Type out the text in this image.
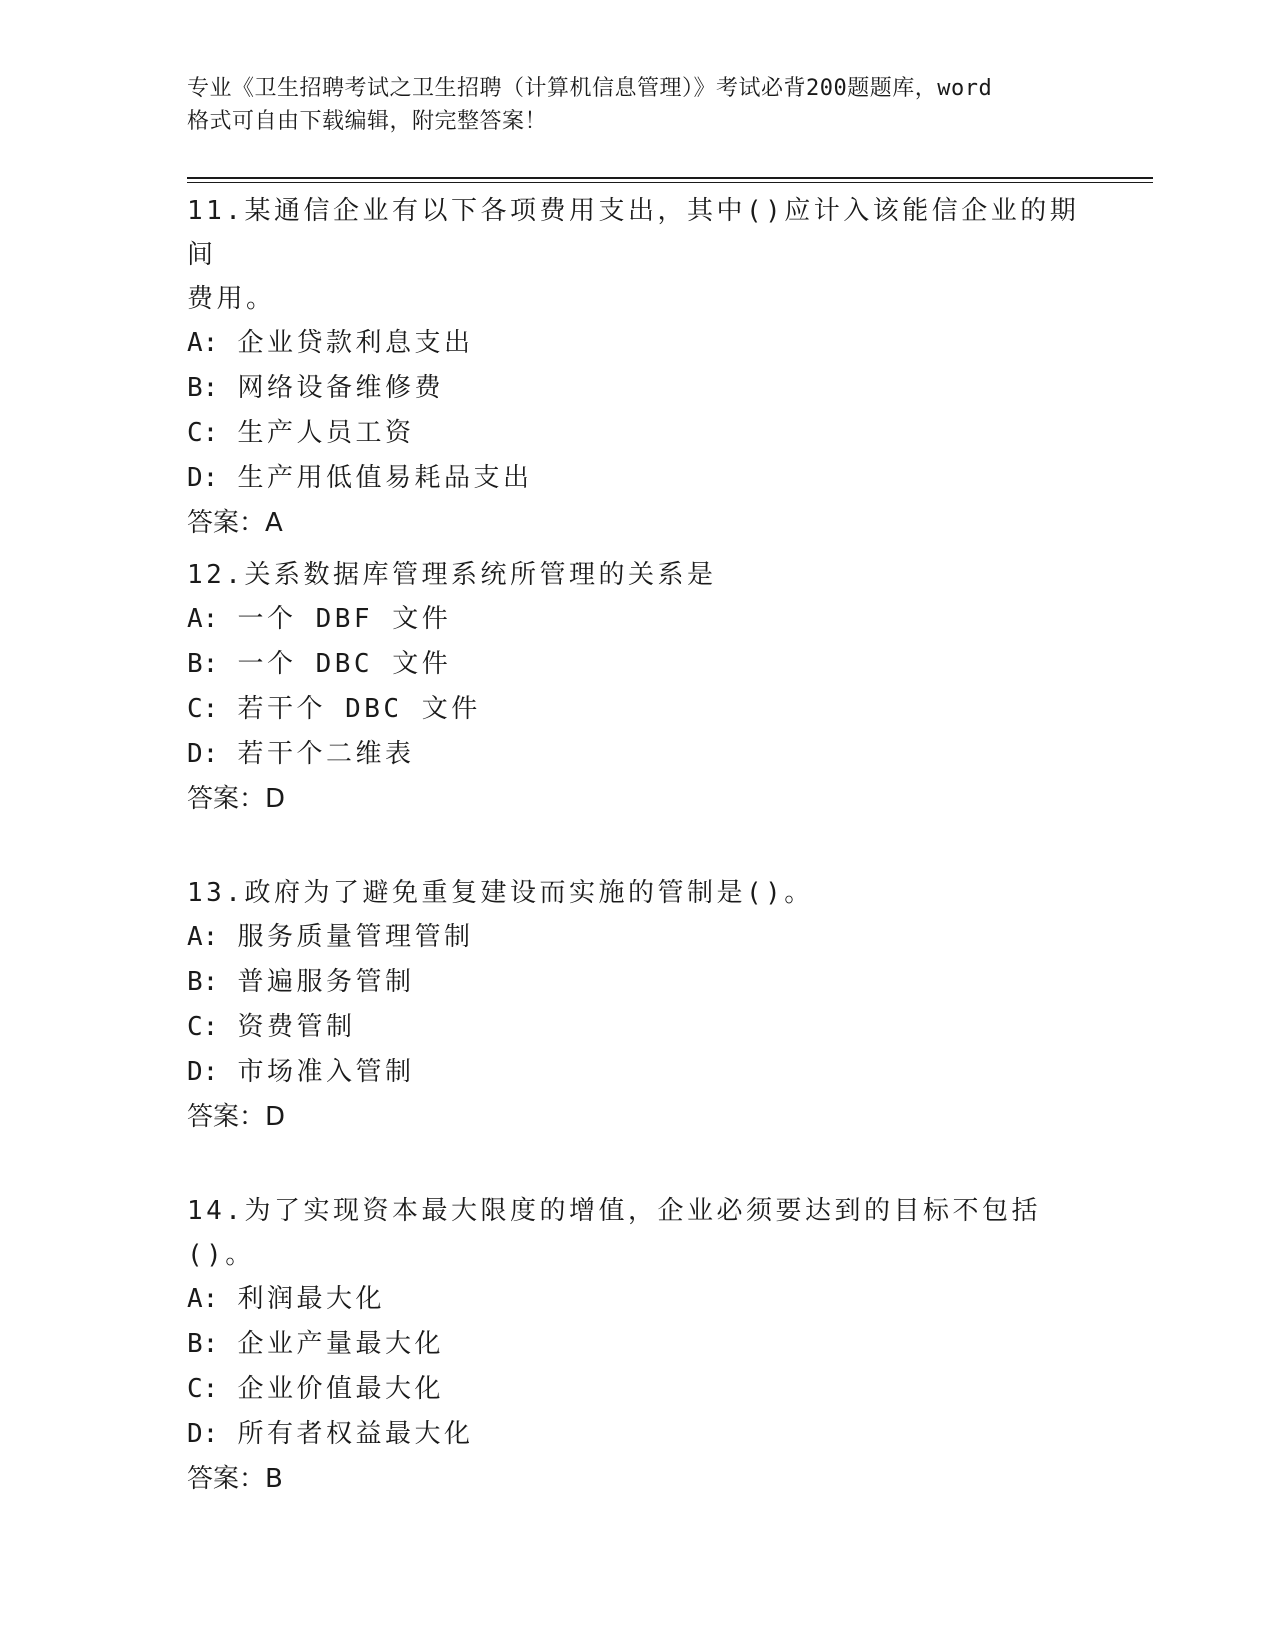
专业《卫生招聘考试之卫生招聘（计算机信息管理）》考试必背200题题库，word
格式可自由下载编辑，附完整答案！

11.某通信企业有以下各项费用支出，其中()应计入该能信企业的期间

费用。

A: 企业贷款利息支出

B: 网络设备维修费

C: 生产人员工资

D: 生产用低值易耗品支出

答案：A

12.关系数据库管理系统所管理的关系是

A: 一个 DBF 文件

B: 一个 DBC 文件

C: 若干个 DBC 文件

D: 若干个二维表

答案：D

13.政府为了避免重复建设而实施的管制是()。

A: 服务质量管理管制

B: 普遍服务管制

C: 资费管制

D: 市场准入管制

答案：D

14.为了实现资本最大限度的增值，企业必须要达到的目标不包括()。

A: 利润最大化

B: 企业产量最大化

C: 企业价值最大化

D: 所有者权益最大化

答案：B
